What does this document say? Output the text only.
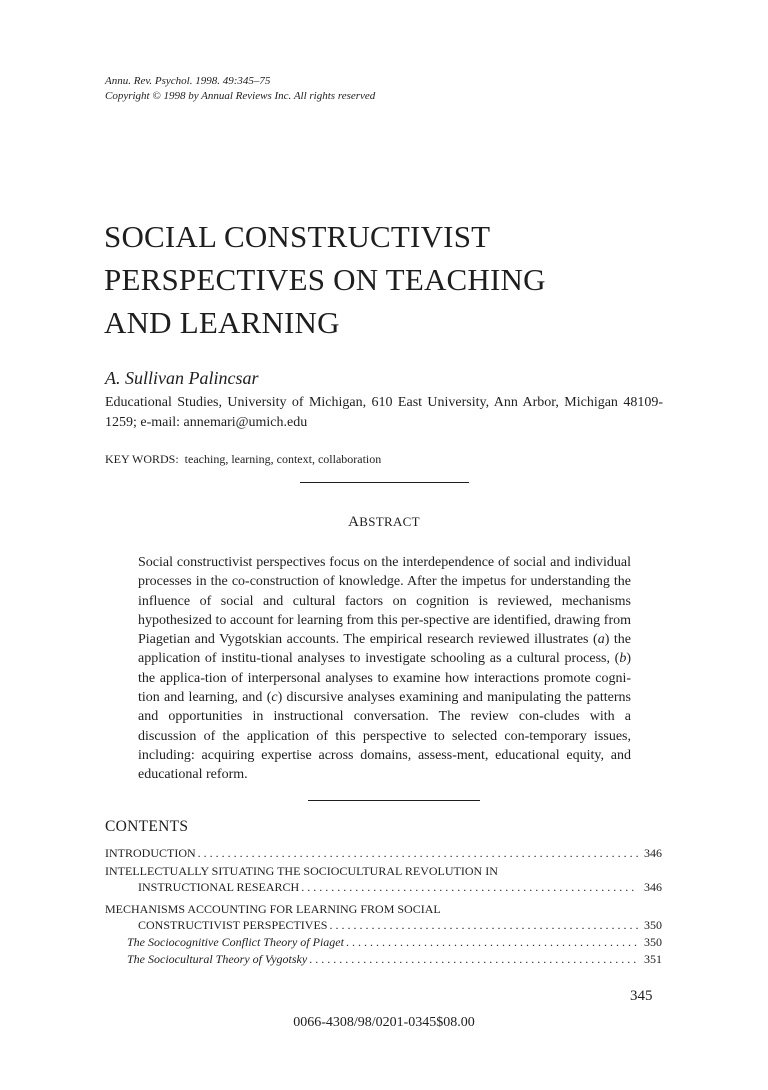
Annu. Rev. Psychol. 1998. 49:345–75
Copyright © 1998 by Annual Reviews Inc. All rights reserved
SOCIAL CONSTRUCTIVIST
PERSPECTIVES ON TEACHING
AND LEARNING
A. Sullivan Palincsar
Educational Studies, University of Michigan, 610 East University, Ann Arbor, Michigan 48109-1259; e-mail: annemari@umich.edu
KEY WORDS: teaching, learning, context, collaboration
ABSTRACT
Social constructivist perspectives focus on the interdependence of social and individual processes in the co-construction of knowledge. After the impetus for understanding the influence of social and cultural factors on cognition is reviewed, mechanisms hypothesized to account for learning from this per-spective are identified, drawing from Piagetian and Vygotskian accounts. The empirical research reviewed illustrates (a) the application of institu-tional analyses to investigate schooling as a cultural process, (b) the applica-tion of interpersonal analyses to examine how interactions promote cogni-tion and learning, and (c) discursive analyses examining and manipulating the patterns and opportunities in instructional conversation. The review con-cludes with a discussion of the application of this perspective to selected con-temporary issues, including: acquiring expertise across domains, assess-ment, educational equity, and educational reform.
CONTENTS
INTRODUCTION . . .	346
INTELLECTUALLY SITUATING THE SOCIOCULTURAL REVOLUTION IN
INSTRUCTIONAL RESEARCH . . .	346
MECHANISMS ACCOUNTING FOR LEARNING FROM SOCIAL
CONSTRUCTIVIST PERSPECTIVES . . .	350
The Sociocognitive Conflict Theory of Piaget . . .	350
The Sociocultural Theory of Vygotsky . . .	351
345
0066-4308/98/0201-0345$08.00
